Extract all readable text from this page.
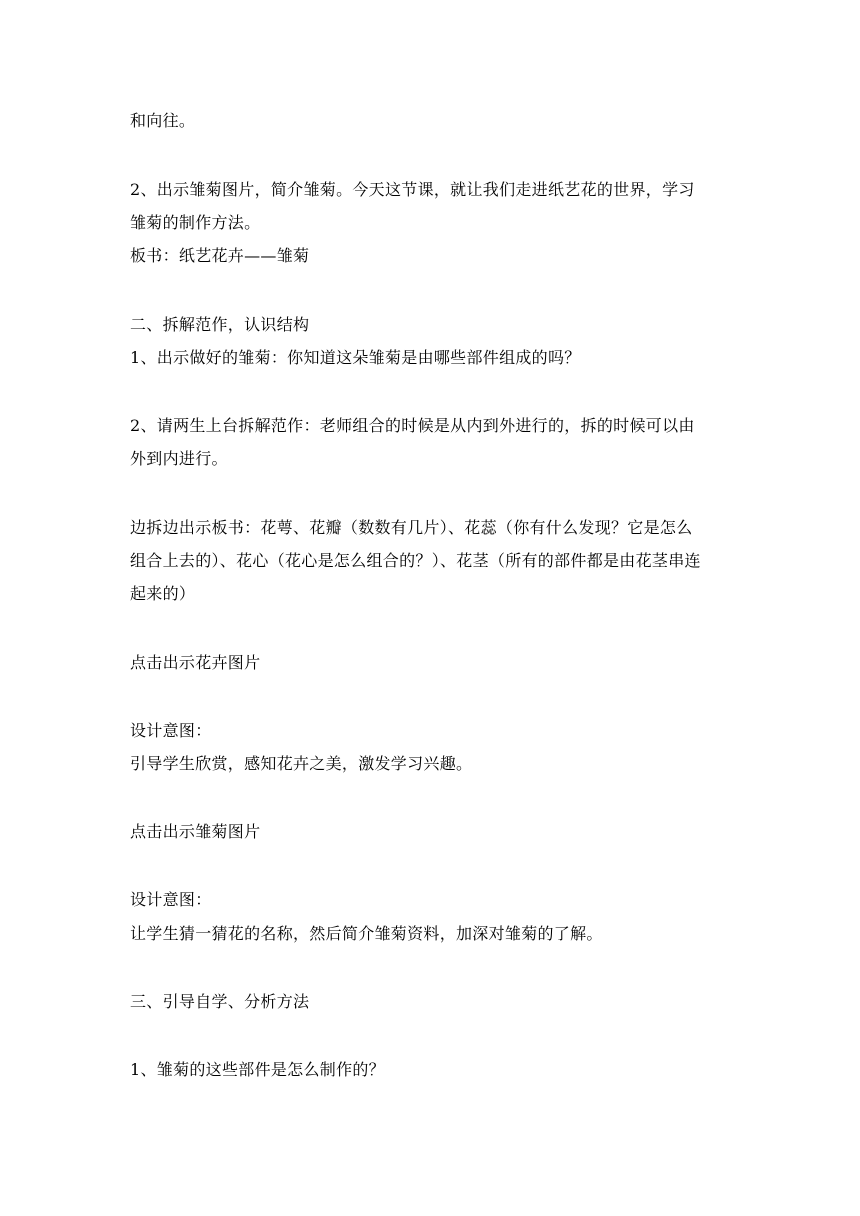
和向往。
2、出示雏菊图片，简介雏菊。今天这节课，就让我们走进纸艺花的世界，学习
雏菊的制作方法。
板书：纸艺花卉——雏菊
二、拆解范作，认识结构
1、出示做好的雏菊：你知道这朵雏菊是由哪些部件组成的吗？
2、请两生上台拆解范作：老师组合的时候是从内到外进行的，拆的时候可以由
外到内进行。
边拆边出示板书：花萼、花瓣（数数有几片）、花蕊（你有什么发现？它是怎么
组合上去的）、花心（花心是怎么组合的？）、花茎（所有的部件都是由花茎串连
起来的）
点击出示花卉图片
设计意图：
引导学生欣赏，感知花卉之美，激发学习兴趣。
点击出示雏菊图片
设计意图：
让学生猜一猜花的名称，然后简介雏菊资料，加深对雏菊的了解。
三、引导自学、分析方法
1、雏菊的这些部件是怎么制作的？
